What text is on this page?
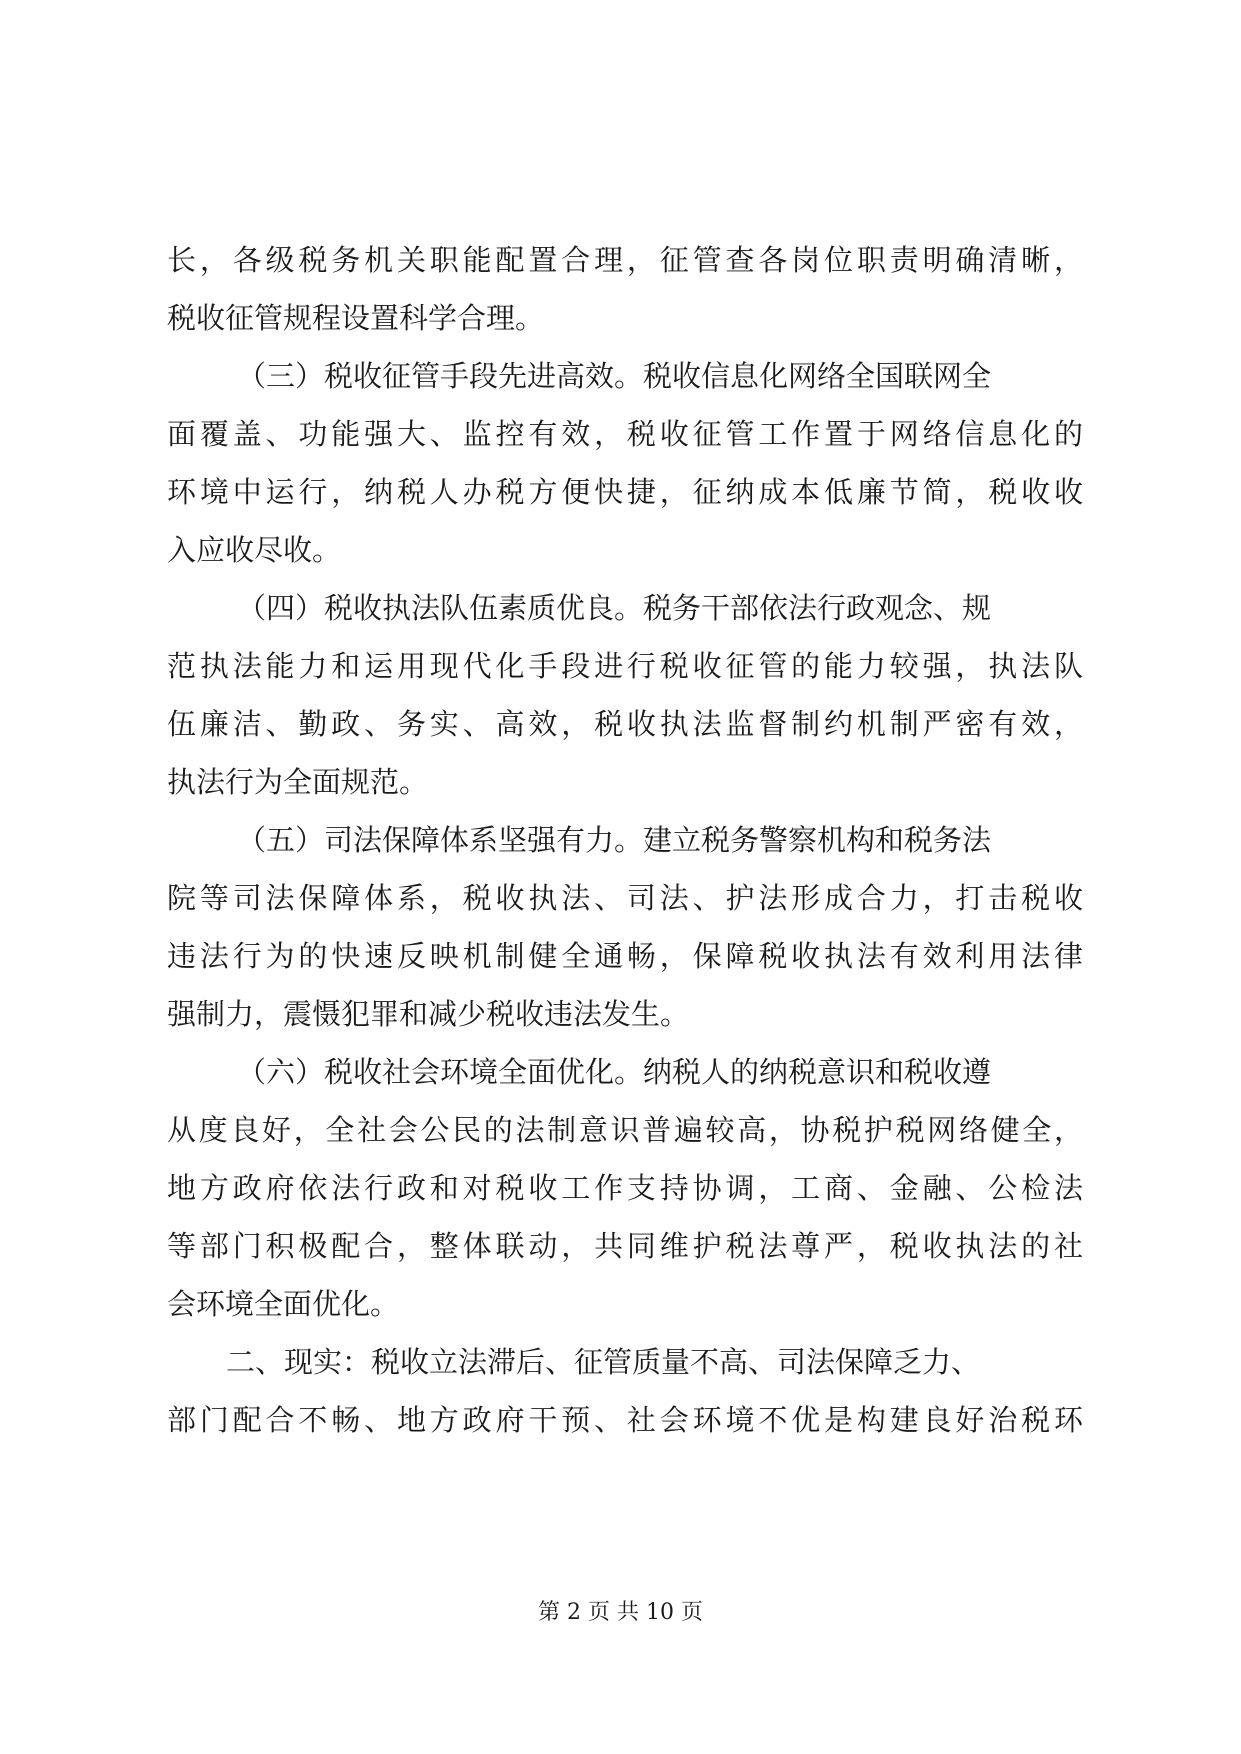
长，各级税务机关职能配置合理，征管查各岗位职责明确清晰，
税收征管规程设置科学合理。
（三）税收征管手段先进高效。税收信息化网络全国联网全
面覆盖、功能强大、监控有效，税收征管工作置于网络信息化的
环境中运行，纳税人办税方便快捷，征纳成本低廉节简，税收收
入应收尽收。
（四）税收执法队伍素质优良。税务干部依法行政观念、规
范执法能力和运用现代化手段进行税收征管的能力较强，执法队
伍廉洁、勤政、务实、高效，税收执法监督制约机制严密有效，
执法行为全面规范。
（五）司法保障体系坚强有力。建立税务警察机构和税务法
院等司法保障体系，税收执法、司法、护法形成合力，打击税收
违法行为的快速反映机制健全通畅，保障税收执法有效利用法律
强制力，震慑犯罪和减少税收违法发生。
（六）税收社会环境全面优化。纳税人的纳税意识和税收遵
从度良好，全社会公民的法制意识普遍较高，协税护税网络健全，
地方政府依法行政和对税收工作支持协调，工商、金融、公检法
等部门积极配合，整体联动，共同维护税法尊严，税收执法的社
会环境全面优化。
二、现实：税收立法滞后、征管质量不高、司法保障乏力、
部门配合不畅、地方政府干预、社会环境不优是构建良好治税环
第 2 页 共 10 页
